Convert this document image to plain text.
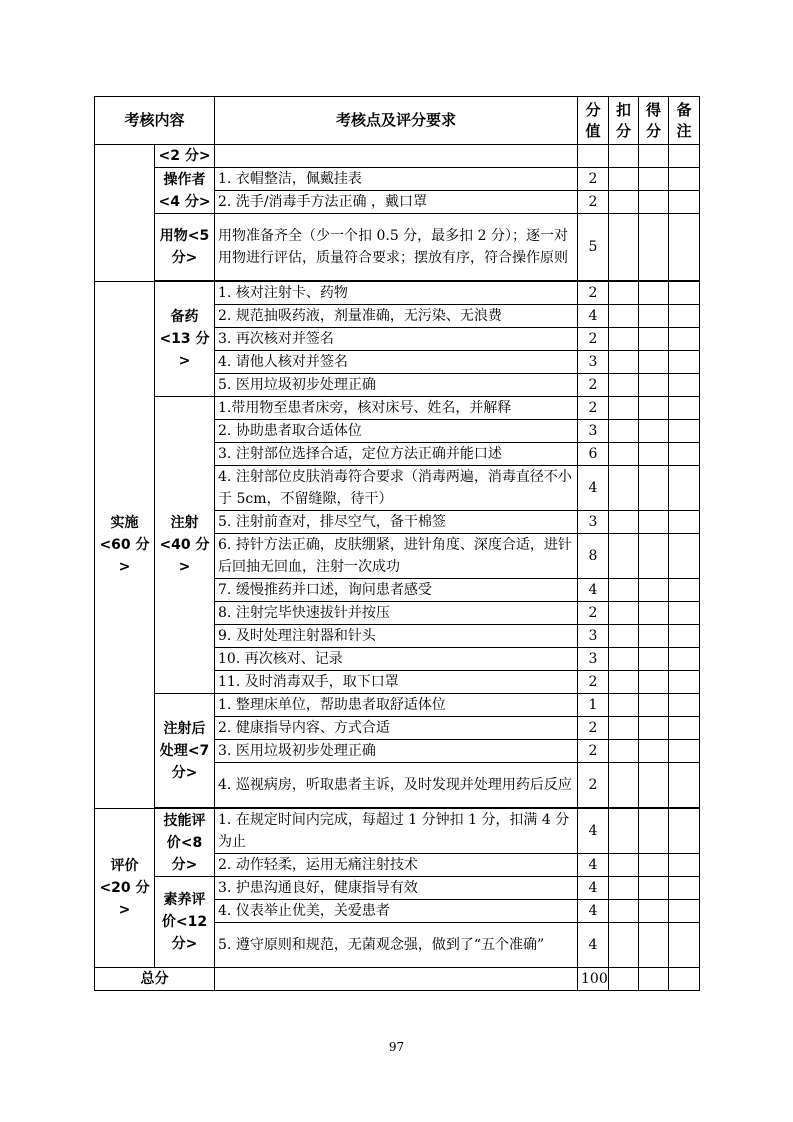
考核内容		考核点及评分要求	分值	扣分	得分	备注
	<2 分>					
	操作者<4 分>	1. 衣帽整洁，佩戴挂表	2			
		2. 洗手/消毒手方法正确 ，戴口罩	2			
	用物<5 分>	用物准备齐全（少一个扣 0.5 分，最多扣 2 分）；逐一对用物进行评估，质量符合要求；摆放有序，符合操作原则	5			

实施<60 分>	备药<13 分>	1. 核对注射卡、药物	2			
		2. 规范抽吸药液，剂量准确，无污染、无浪费	4			
		3. 再次核对并签名	2			
		4. 请他人核对并签名	3			
		5. 医用垃圾初步处理正确	2			
	注射<40 分>	1.带用物至患者床旁，核对床号、姓名，并解释	2			
		2. 协助患者取合适体位	3			
		3. 注射部位选择合适，定位方法正确并能口述	6			
		4. 注射部位皮肤消毒符合要求（消毒两遍，消毒直径不小于 5cm，不留缝隙，待干）	4			
		5. 注射前查对，排尽空气，备干棉签	3			
		6. 持针方法正确，皮肤绷紧，进针角度、深度合适，进针后回抽无回血，注射一次成功	8			
		7. 缓慢推药并口述，询问患者感受	4			
		8. 注射完毕快速拔针并按压	2			
		9. 及时处理注射器和针头	3			
		10. 再次核对、记录	3			
		11. 及时消毒双手，取下口罩	2			
	注射后处理<7 分>	1. 整理床单位，帮助患者取舒适体位	1			
		2. 健康指导内容、方式合适	2			
		3. 医用垃圾初步处理正确	2			
		4. 巡视病房，听取患者主诉，及时发现并处理用药后反应	2			

评价<20 分>	技能评价<8 分>	1. 在规定时间内完成，每超过 1 分钟扣 1 分，扣满 4 分为止	4			
		2. 动作轻柔，运用无痛注射技术	4			
	素养评价<12 分>	3. 护患沟通良好，健康指导有效	4			
		4. 仪表举止优美，关爱患者	4			
		5. 遵守原则和规范，无菌观念强，做到了“五个准确”	4			
总分			100			
97
